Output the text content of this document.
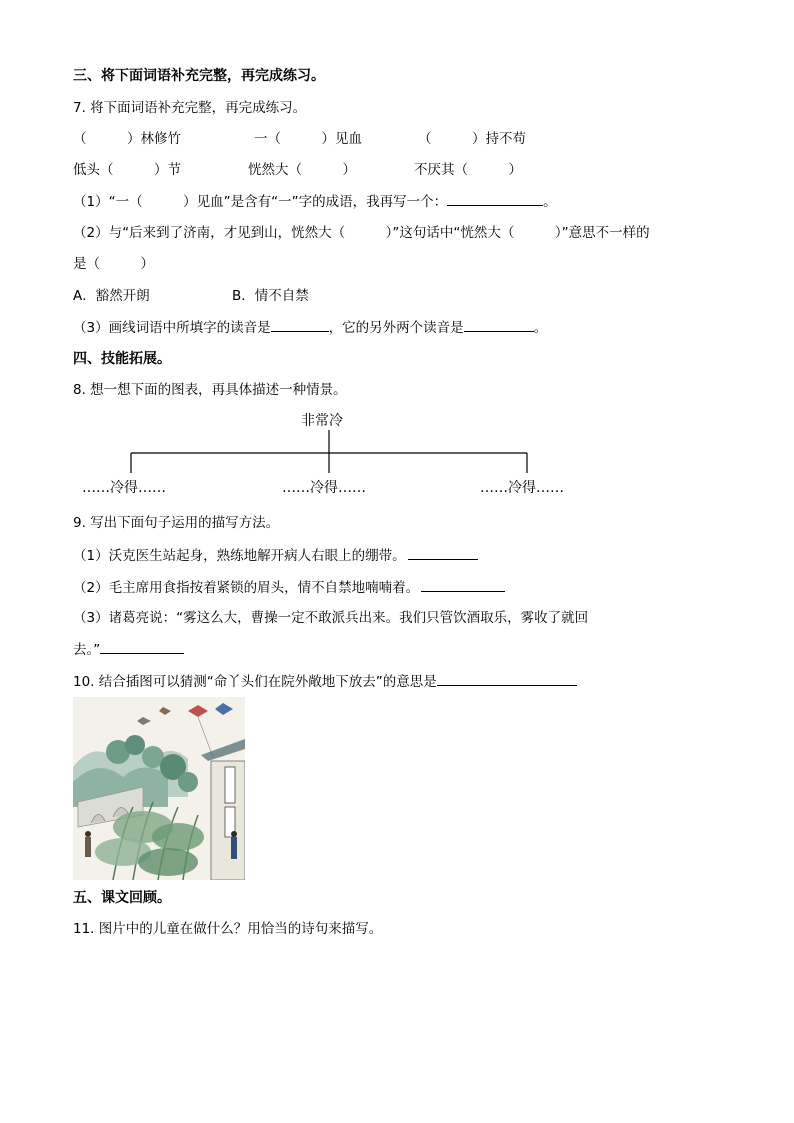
三、将下面词语补充完整，再完成练习。
7. 将下面词语补充完整，再完成练习。
（　　　）林修竹	一（　　　）见血	（　　　）持不苟
低头（　　　）节	恍然大（　　　）	不厌其（　　　）
（1）“一（　　　）见血”是含有“一”字的成语，我再写一个：	。
（2）与“后来到了济南，才见到山，恍然大（　　　）”这句话中“恍然大（　　　）”意思不一样的
是（　　　）
A．豁然开朗	B．情不自禁
（3）画线词语中所填字的读音是	，它的另外两个读音是	。
四、技能拓展。
8. 想一想下面的图表，再具体描述一种情景。
非常冷
……冷得……	……冷得……	……冷得……
9. 写出下面句子运用的描写方法。
（1）沃克医生站起身，熟练地解开病人右眼上的绷带。
（2）毛主席用食指按着紧锁的眉头，情不自禁地喃喃着。
（3）诸葛亮说：“雾这么大，曹操一定不敢派兵出来。我们只管饮酒取乐，雾收了就回
去。”
10. 结合插图可以猜测“命丫头们在院外敞地下放去”的意思是
五、课文回顾。
11. 图片中的儿童在做什么？用恰当的诗句来描写。
